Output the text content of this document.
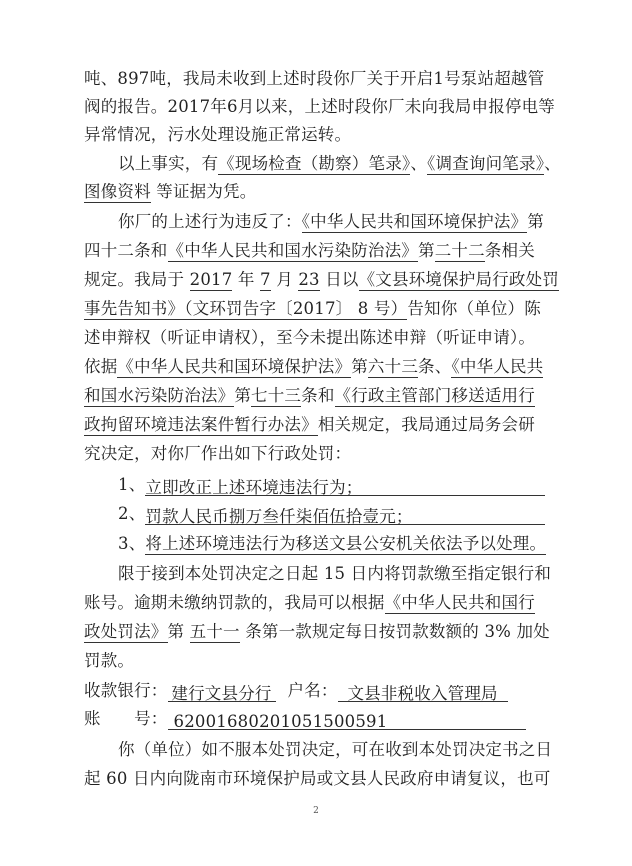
吨、897吨，我局未收到上述时段你厂关于开启1号泵站超越管
阀的报告。2017年6月以来，上述时段你厂未向我局申报停电等
异常情况，污水处理设施正常运转。
以上事实，有《现场检查（勘察）笔录》、《调查询问笔录》、
图像资料 等证据为凭。
你厂的上述行为违反了：《中华人民共和国环境保护法》第
四十二条和《中华人民共和国水污染防治法》第二十二条相关
规定。我局于 2017 年 7 月 23 日以《文县环境保护局行政处罚
事先告知书》（文环罚告字〔2017〕 8 号）告知你（单位）陈
述申辩权（听证申请权），至今未提出陈述申辩（听证申请）。
依据《中华人民共和国环境保护法》第六十三条、《中华人民共
和国水污染防治法》第七十三条和《行政主管部门移送适用行
政拘留环境违法案件暂行办法》相关规定，我局通过局务会研
究决定，对你厂作出如下行政处罚：
1、立即改正上述环境违法行为；
2、罚款人民币捌万叁仟柒佰伍拾壹元；
3、将上述环境违法行为移送文县公安机关依法予以处理。
限于接到本处罚决定之日起 15 日内将罚款缴至指定银行和
账号。逾期未缴纳罚款的，我局可以根据《中华人民共和国行
政处罚法》第 五十一 条第一款规定每日按罚款数额的 3% 加处
罚款。
收款银行： 建行文县分行 户名： 文县非税收入管理局
账　　号： 62001680201051500591
你（单位）如不服本处罚决定，可在收到本处罚决定书之日
起 60 日内向陇南市环境保护局或文县人民政府申请复议，也可
2
